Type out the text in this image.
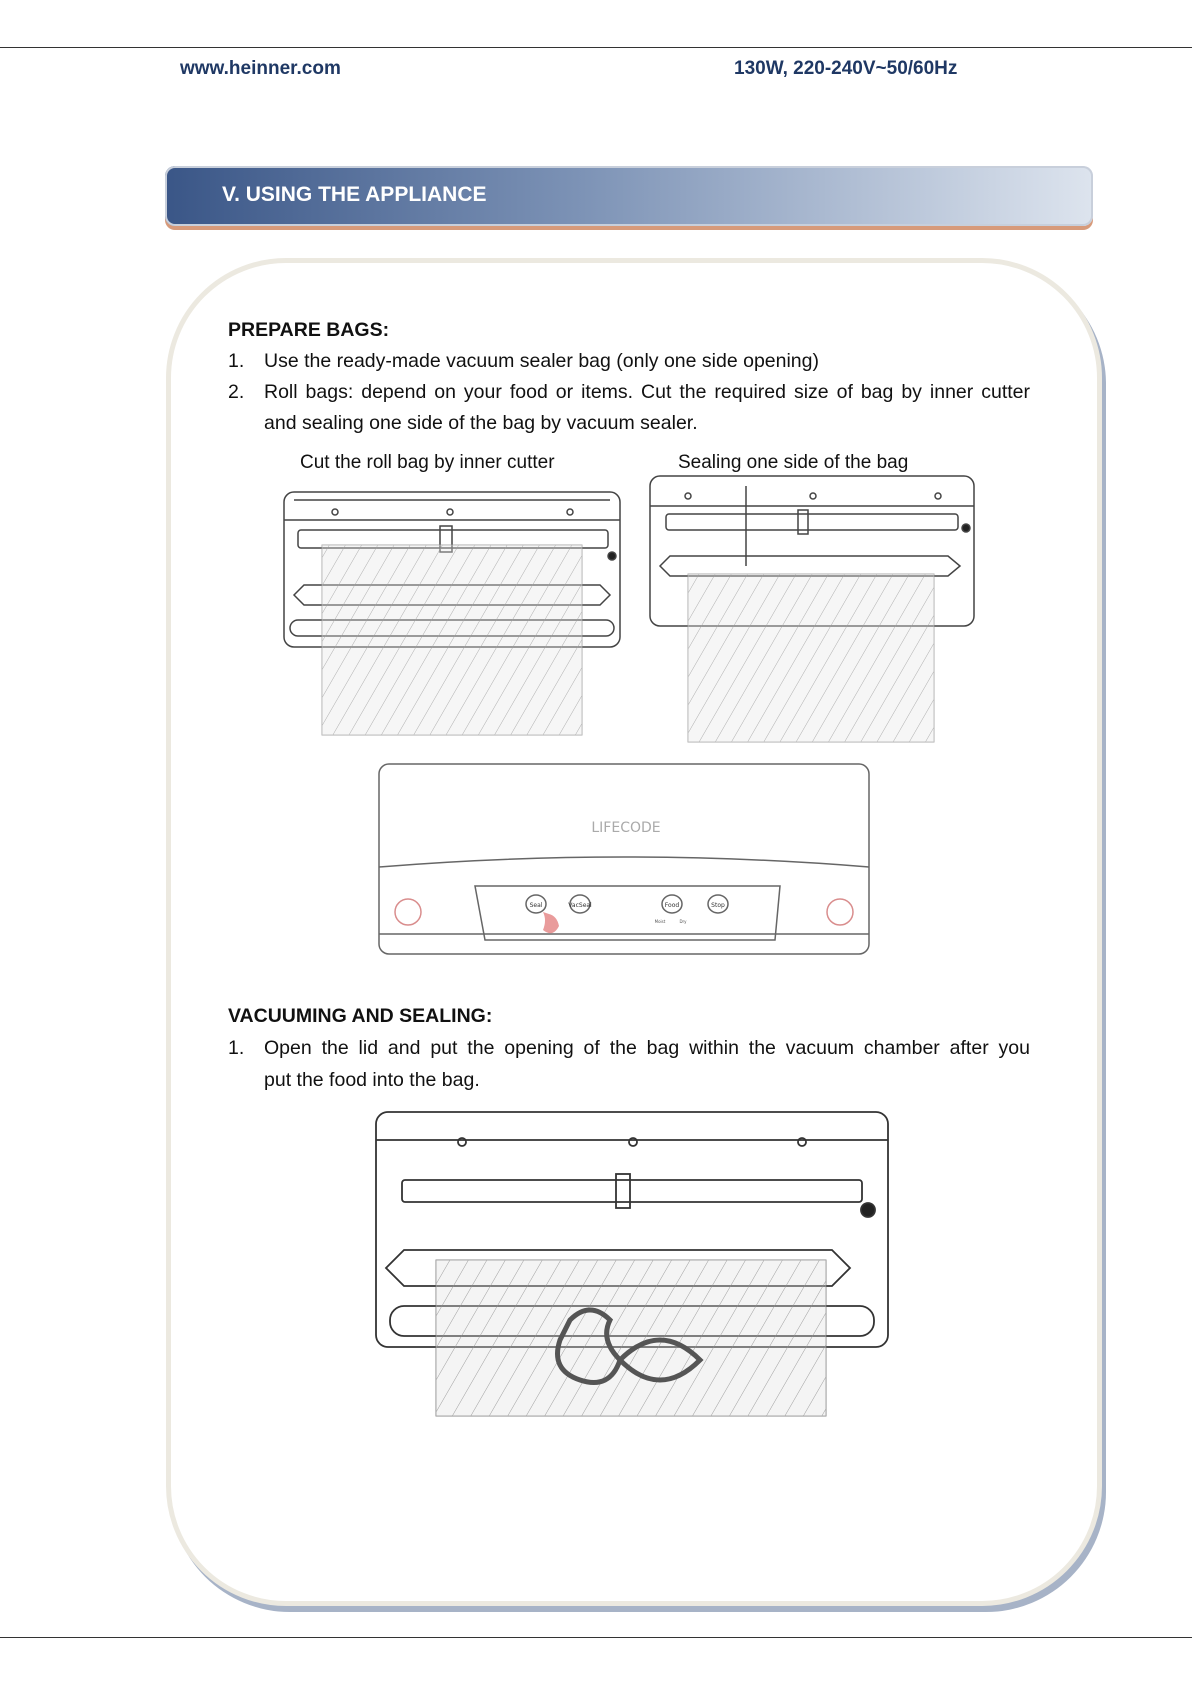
www.heinner.com	130W, 220-240V~50/60Hz
V. USING THE APPLIANCE
PREPARE BAGS:
1. Use the ready-made vacuum sealer bag (only one side opening)
2. Roll bags: depend on your food or items. Cut the required size of bag by inner cutter
and sealing one side of the bag by vacuum sealer.
Cut the roll bag by inner cutter	Sealing one side of the bag
LIFECODE
Seal	VacSeal	Food	Stop
Moist	Dry
VACUUMING AND SEALING:
1. Open the lid and put the opening of the bag within the vacuum chamber after you
put the food into the bag.
